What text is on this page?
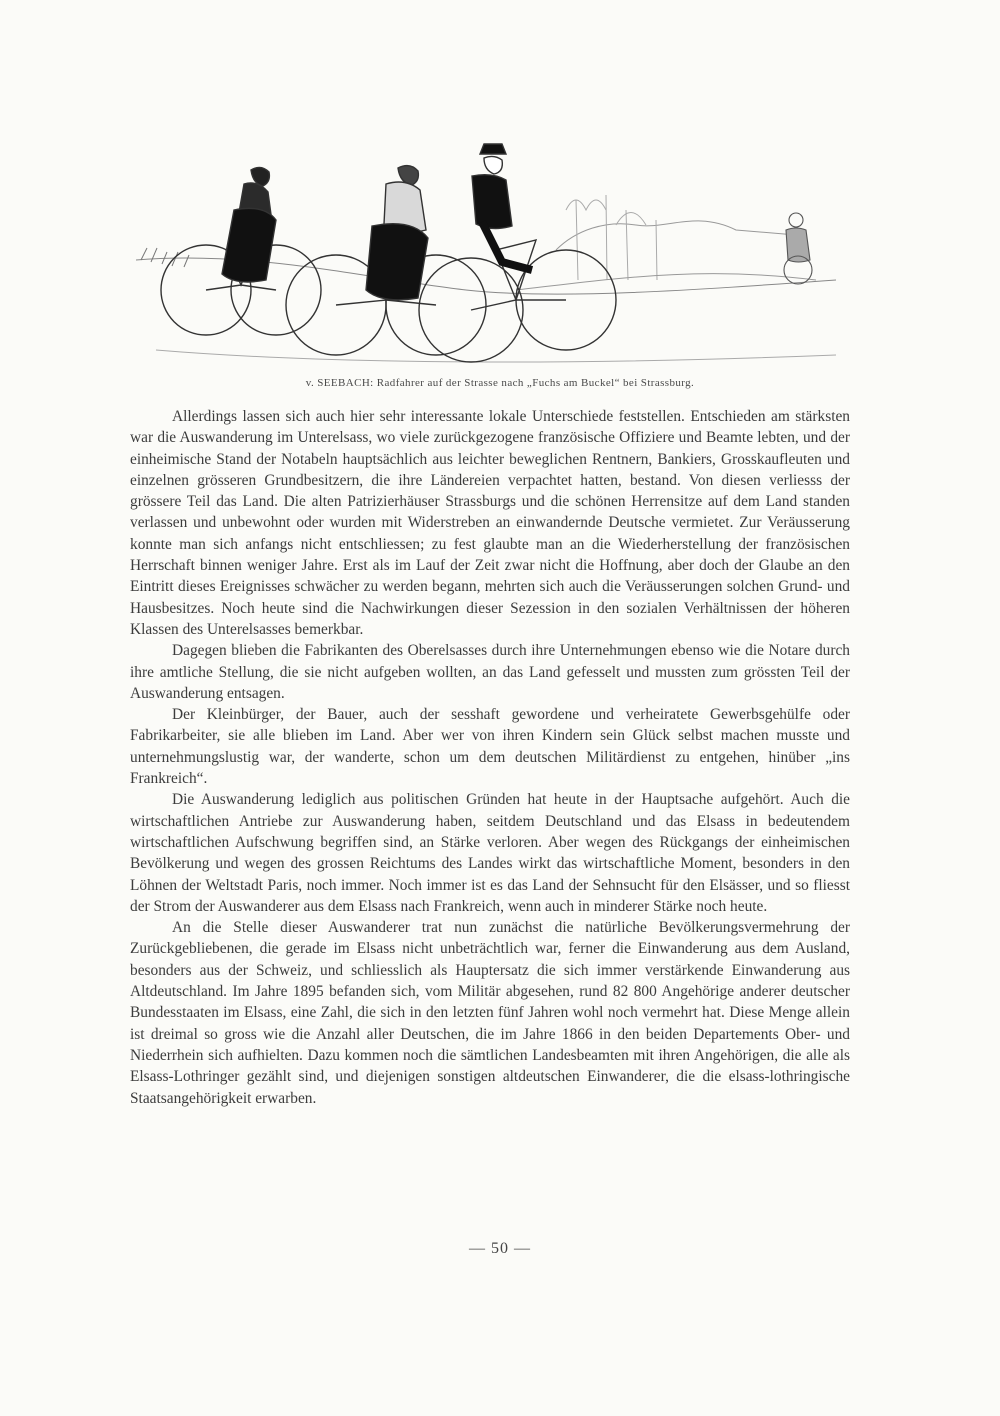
v. SEEBACH: Radfahrer auf der Strasse nach „Fuchs am Buckel“ bei Strassburg.

Allerdings lassen sich auch hier sehr interessante lokale Unterschiede feststellen. Entschieden am stärksten war die Auswanderung im Unterelsass, wo viele zurückgezogene französische Offiziere und Beamte lebten, und der einheimische Stand der Notabeln hauptsächlich aus leichter beweglichen Rentnern, Bankiers, Grosskaufleuten und einzelnen grösseren Grundbesitzern, die ihre Ländereien verpachtet hatten, bestand. Von diesen verliesss der grössere Teil das Land. Die alten Patrizierhäuser Strassburgs und die schönen Herrensitze auf dem Land standen verlassen und unbewohnt oder wurden mit Widerstreben an einwandernde Deutsche vermietet. Zur Veräusserung konnte man sich anfangs nicht entschliessen; zu fest glaubte man an die Wiederherstellung der französischen Herrschaft binnen weniger Jahre. Erst als im Lauf der Zeit zwar nicht die Hoffnung, aber doch der Glaube an den Eintritt dieses Ereignisses schwächer zu werden begann, mehrten sich auch die Veräusserungen solchen Grund- und Hausbesitzes. Noch heute sind die Nachwirkungen dieser Sezession in den sozialen Verhältnissen der höheren Klassen des Unterelsasses bemerkbar.

Dagegen blieben die Fabrikanten des Oberelsasses durch ihre Unternehmungen ebenso wie die Notare durch ihre amtliche Stellung, die sie nicht aufgeben wollten, an das Land gefesselt und mussten zum grössten Teil der Auswanderung entsagen.

Der Kleinbürger, der Bauer, auch der sesshaft gewordene und verheiratete Gewerbsgehülfe oder Fabrikarbeiter, sie alle blieben im Land. Aber wer von ihren Kindern sein Glück selbst machen musste und unternehmungslustig war, der wanderte, schon um dem deutschen Militärdienst zu entgehen, hinüber „ins Frankreich“.

Die Auswanderung lediglich aus politischen Gründen hat heute in der Hauptsache aufgehört. Auch die wirtschaftlichen Antriebe zur Auswanderung haben, seitdem Deutschland und das Elsass in bedeutendem wirtschaftlichen Aufschwung begriffen sind, an Stärke verloren. Aber wegen des Rückgangs der einheimischen Bevölkerung und wegen des grossen Reichtums des Landes wirkt das wirtschaftliche Moment, besonders in den Löhnen der Weltstadt Paris, noch immer. Noch immer ist es das Land der Sehnsucht für den Elsässer, und so fliesst der Strom der Auswanderer aus dem Elsass nach Frankreich, wenn auch in minderer Stärke noch heute.

An die Stelle dieser Auswanderer trat nun zunächst die natürliche Bevölkerungsvermehrung der Zurückgebliebenen, die gerade im Elsass nicht unbeträchtlich war, ferner die Einwanderung aus dem Ausland, besonders aus der Schweiz, und schliesslich als Hauptersatz die sich immer verstärkende Einwanderung aus Altdeutschland. Im Jahre 1895 befanden sich, vom Militär abgesehen, rund 82 800 Angehörige anderer deutscher Bundesstaaten im Elsass, eine Zahl, die sich in den letzten fünf Jahren wohl noch vermehrt hat. Diese Menge allein ist dreimal so gross wie die Anzahl aller Deutschen, die im Jahre 1866 in den beiden Departements Ober- und Niederrhein sich aufhielten. Dazu kommen noch die sämtlichen Landesbeamten mit ihren Angehörigen, die alle als Elsass-Lothringer gezählt sind, und diejenigen sonstigen altdeutschen Einwanderer, die die elsass-lothringische Staatsangehörigkeit erwarben.

— 50 —
